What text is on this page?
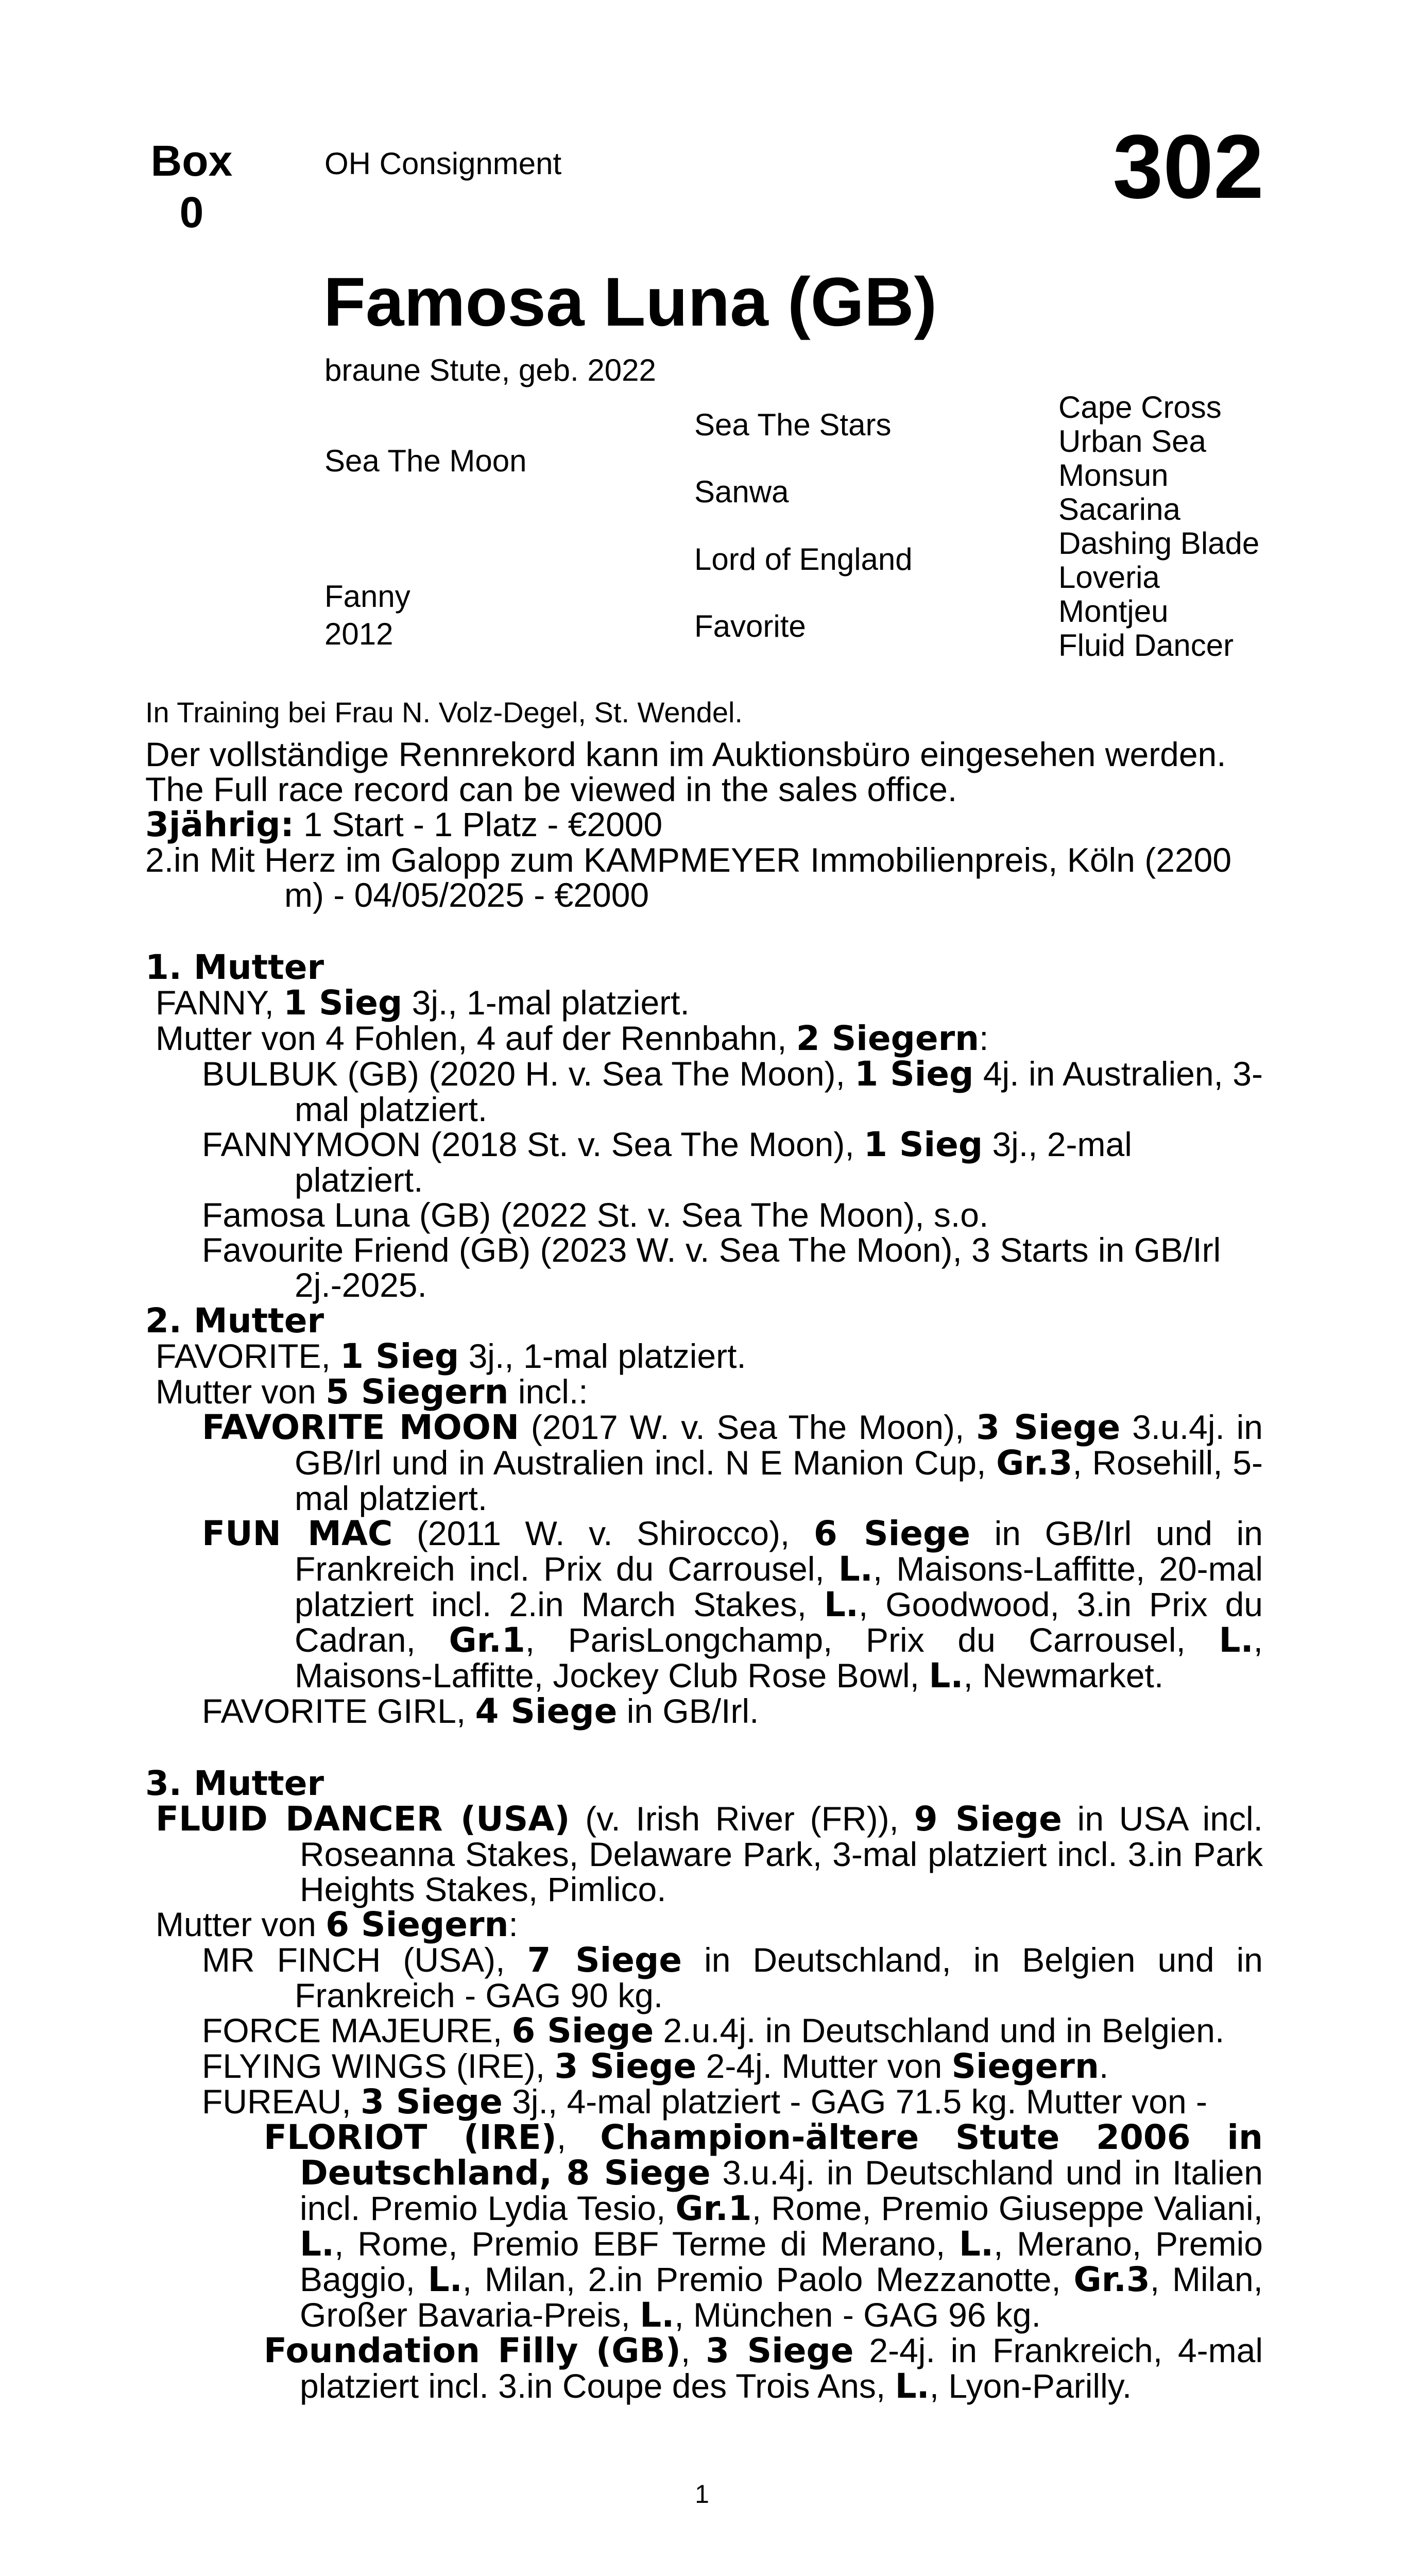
Box
0
OH Consignment	302
Famosa Luna (GB)
braune Stute, geb. 2022
Sea The Moon
Fanny
2012
Sea The Stars
Sanwa
Lord of England
Favorite
Cape Cross
Urban Sea
Monsun
Sacarina
Dashing Blade
Loveria
Montjeu
Fluid Dancer
In Training bei Frau N. Volz-Degel, St. Wendel.

Der vollständige Rennrekord kann im Auktionsbüro eingesehen werden.

The Full race record can be viewed in the sales office.

3jährig: 1 Start - 1 Platz - €2000

2.in Mit Herz im Galopp zum KAMPMEYER Immobilienpreis, Köln (2200 m) - 04/05/2025 - €2000

1. Mutter

FANNY, 1 Sieg 3j., 1-mal platziert.

Mutter von 4 Fohlen, 4 auf der Rennbahn, 2 Siegern:

BULBUK (GB) (2020 H. v. Sea The Moon), 1 Sieg 4j. in Australien, 3-mal platziert.

FANNYMOON (2018 St. v. Sea The Moon), 1 Sieg 3j., 2-mal platziert.

Famosa Luna (GB) (2022 St. v. Sea The Moon), s.o.

Favourite Friend (GB) (2023 W. v. Sea The Moon), 3 Starts in GB/Irl 2j.-2025.

2. Mutter

FAVORITE, 1 Sieg 3j., 1-mal platziert.

Mutter von 5 Siegern incl.:

FAVORITE MOON (2017 W. v. Sea The Moon), 3 Siege 3.u.4j. in GB/Irl und in Australien incl. N E Manion Cup, Gr.3, Rosehill, 5-mal platziert.

FUN MAC (2011 W. v. Shirocco), 6 Siege in GB/Irl und in Frankreich incl. Prix du Carrousel, L., Maisons-Laffitte, 20-mal platziert incl. 2.in March Stakes, L., Goodwood, 3.in Prix du Cadran, Gr.1, ParisLongchamp, Prix du Carrousel, L., Maisons-Laffitte, Jockey Club Rose Bowl, L., Newmarket.

FAVORITE GIRL, 4 Siege in GB/Irl.

3. Mutter

FLUID DANCER (USA) (v. Irish River (FR)), 9 Siege in USA incl. Roseanna Stakes, Delaware Park, 3-mal platziert incl. 3.in Park Heights Stakes, Pimlico.

Mutter von 6 Siegern:

MR FINCH (USA), 7 Siege in Deutschland, in Belgien und in Frankreich - GAG 90 kg.

FORCE MAJEURE, 6 Siege 2.u.4j. in Deutschland und in Belgien.

FLYING WINGS (IRE), 3 Siege 2-4j. Mutter von Siegern.

FUREAU, 3 Siege 3j., 4-mal platziert - GAG 71.5 kg. Mutter von -

FLORIOT (IRE), Champion-ältere Stute 2006 in Deutschland, 8 Siege 3.u.4j. in Deutschland und in Italien incl. Premio Lydia Tesio, Gr.1, Rome, Premio Giuseppe Valiani, L., Rome, Premio EBF Terme di Merano, L., Merano, Premio Baggio, L., Milan, 2.in Premio Paolo Mezzanotte, Gr.3, Milan, Großer Bavaria-Preis, L., München - GAG 96 kg.

Foundation Filly (GB), 3 Siege 2-4j. in Frankreich, 4-mal platziert incl. 3.in Coupe des Trois Ans, L., Lyon-Parilly.

1
